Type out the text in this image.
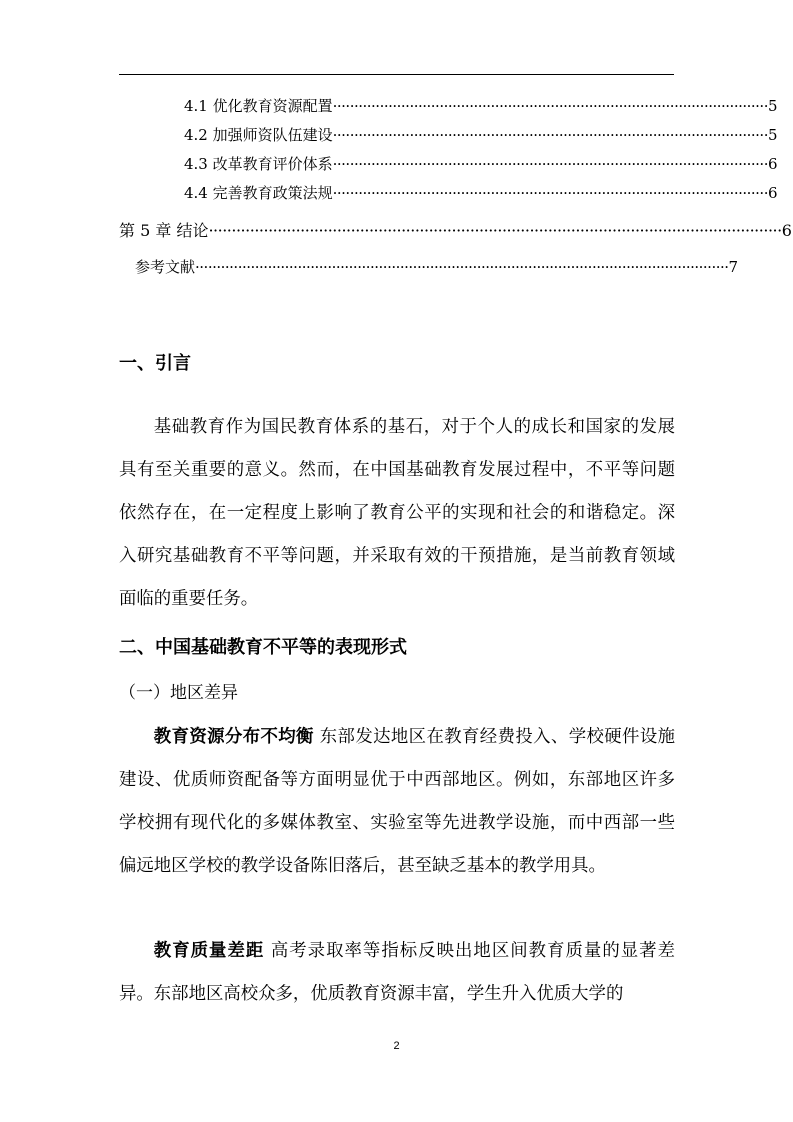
4.1 优化教育资源配置 ······································································································ 5
4.2 加强师资队伍建设 ······································································································ 5
4.3 改革教育评价体系 ······································································································ 6
4.4 完善教育政策法规 ······································································································ 6
第 5 章 结论 ····························································································································· 6
参考文献 ····························································································································· 7
一、引言
基础教育作为国民教育体系的基石，对于个人的成长和国家的发展具有至关重要的意义。然而，在中国基础教育发展过程中，不平等问题依然存在，在一定程度上影响了教育公平的实现和社会的和谐稳定。深入研究基础教育不平等问题，并采取有效的干预措施，是当前教育领域面临的重要任务。
二、中国基础教育不平等的表现形式
（一）地区差异
教育资源分布不均衡 东部发达地区在教育经费投入、学校硬件设施建设、优质师资配备等方面明显优于中西部地区。例如，东部地区许多学校拥有现代化的多媒体教室、实验室等先进教学设施，而中西部一些偏远地区学校的教学设备陈旧落后，甚至缺乏基本的教学用具。
教育质量差距 高考录取率等指标反映出地区间教育质量的显著差异。东部地区高校众多，优质教育资源丰富，学生升入优质大学的
2
